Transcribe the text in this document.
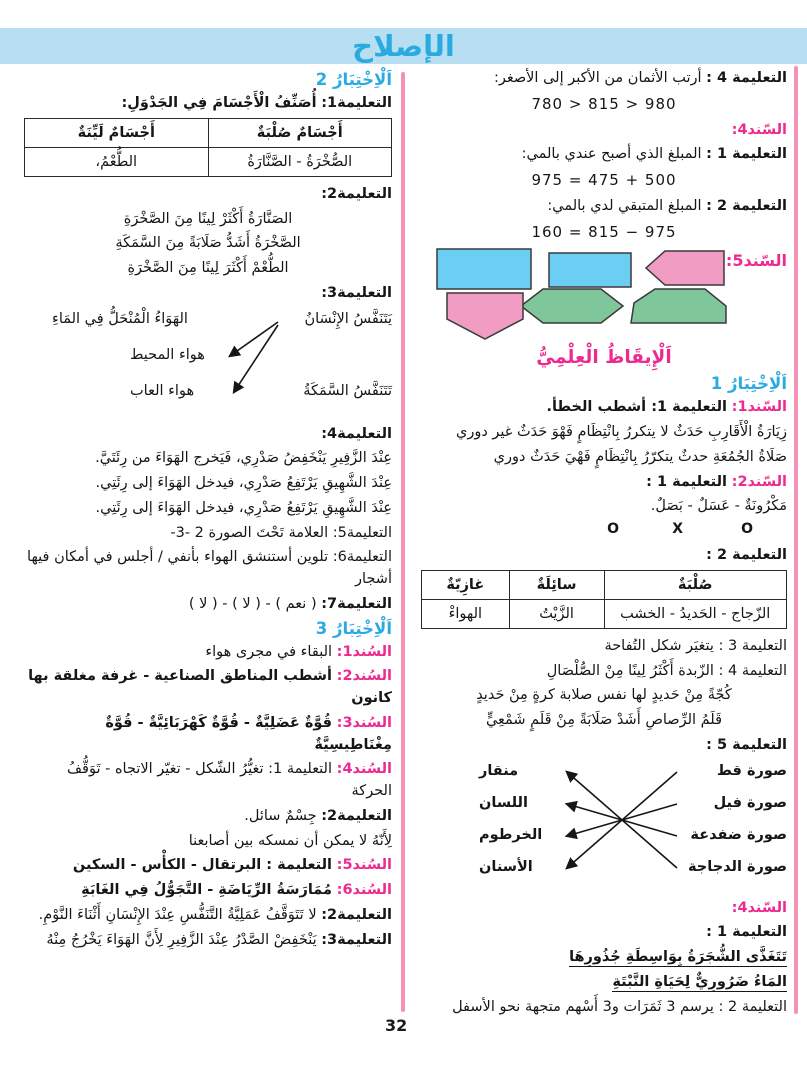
الإصلاح

التعليمة 4 : أرتب الأثمان من الأكبر إلى الأصغر:

780 > 815 > 980

السّند4:

التعليمة 1 : المبلغ الذي أصبح عندي بالمي:

975 = 475 + 500

التعليمة 2 : المبلغ المتبقي لدي بالمي:

160 = 815 − 975

السّند5:

اَلْإِيقَاظُ الْعِلْمِيُّ

اَلْاِخْتِبَارُ 1

السّند1: التعليمة 1: أشطب الخطأ.

زِيَارَةُ الْأَقَارِبِ حَدَثٌ لا يتكررُ بِانْتِظَامٍ فَهْوَ حَدَثٌ غير دوري

صَلَاةُ الجُمُعَةِ حدثٌ يتكرّرُ بِانْتِظَامٍ فَهْيَ حَدَثٌ دوري

السّند2: التعليمة 1 :

مَكْرُونَةٌ - عَسَلٌ - بَصَلٌ.

O
X
O

التعليمة 2 :

صُلْبَةٌ	سائِلَةٌ	غازِيّةٌ
الزّجاج - الحَديدُ - الخشب	الزَّيْتُ	الهواءْ

التعليمة 3 : يتغيَر شكل التُفاحة

التعليمة 4 : الزّبدة أَكْثَرُ لِينًا مِنْ الصُّلْصَالِ

كُجّةً مِنْ حَديدٍ لها نفس صلابة كرةٍ مِنْ حَديدٍ

قَلَمُ الرِّصاصِ أَشَدْ صَلَابَةً مِنْ قَلَمٍ شَمْعِيٍّ

التعليمة 5 :

صورة قط
صورة فيل
صورة ضفدعة
صورة الدجاجة
منقار
اللسان
الخرطوم
الأسنان

السّند4:

التعليمة 1 :

تَتَغَذَّى الشُّجَرَةُ بِوَاسِطَةِ جُذُورِهَا

المَاءُ ضَرُورِيٌّ لِحَيَاةِ النَّبْتَةِ

التعليمة 2 : يرسم 3 ثَمَرَات و3 أَسْهم متجهة نحو الأسفل

اَلْاِخْتِبَارُ 2

التعليمة1: أُصَنِّفُ الْأَجْسَامَ فِي الجَدْوَلِ:

أَجْسَامٌ صُلْبَةٌ	أَجْسَامٌ لَيِّنَةٌ
الصُّخْرَةُ - الصَّنَّارَةُ	الطُّعْمُ،

التعليمة2:

الصَنَّارَةُ أَكْثَرْ لِينًا مِنَ الصَّخْرَةِ

الصَّخْرَةُ أَشَدُّ صَلَابَةً مِنَ السَّمَكَةِ

الطُّعْمْ أَكْثَرَ لِينًا مِنَ الصَّخْرَةِ

التعليمة3:

يَتَنَفَّسُ الإِنْسَانُ
تَتَنَفَّسُ السَّمَكَةُ
الهَوَاءُ الْمُنْحَلُّ فِي المَاءِ
هواء المحيط
هواء العاب

التعليمة4:

عِنْدَ الزَّفِيرِ يَنْخَفِضُ صَدْرِي، فَيَخرج الهَوَاءَ من رِئَتَيَّ.

عِنْدَ الشَّهِيقِ يَرْتَفِعُ صَدْرِي، فيدخل الهَوَاءَ إلى رِئَتِي.

عِنْدَ الشَّهِيقِ يَرْتَفِعُ صَدْرِي، فيدخل الهَوَاءَ إلى رِئَتِي.

التعليمة5: العلامة تَحْتَ الصورة 2 -3-

التعليمة6: تلوين أستنشق الهواء بأنفي / أجلس في أمكان فيها أشجار

التعليمة7: ( نعم ) - ( لا ) - ( لا )

اَلْاِخْتِبَارُ 3

السُند1: البقاء في مجرى هواء

السُند2: أشطب المناطق الصناعية - غرفة مغلقة بها كانون

السُند3: قُوَّةٌ عَضَلِيَّةٌ - قُوَّةٌ كَهْرَبَائِيَّةٌ - قُوَّةٌ مِغْنَاطِيسِيَّةٌ

السُند4: التعليمة 1: تغيُّرُ الشّكل - تغيّر الاتجاه - تَوَقُّفُ الحركة

التعليمة2: جِسْمٌ سائل.

لِأَنّهُ لا يمكن أن نمسكه بين أصابعنا

السُند5: التعليمة : البرتقال - الكأْس - السكين

السُند6: مُمَارَسَةُ الرِّيَاضَةِ - التَّجَوُّلُ فِي الغَابَةِ

التعليمة2: لا تَتَوَقَّفُ عَمَلِيَّةُ التَّنَفُّسِ عِنْدَ الإِنْسَانِ أَثْنَاءَ النَّوْمِ.

التعليمة3: يَنْخَفِضْ الصَّدْرُ عِنْدَ الزَّفِيرِ لِأَنَّ الهَوَاءَ يَخْرُجُ مِنْهُ

32
